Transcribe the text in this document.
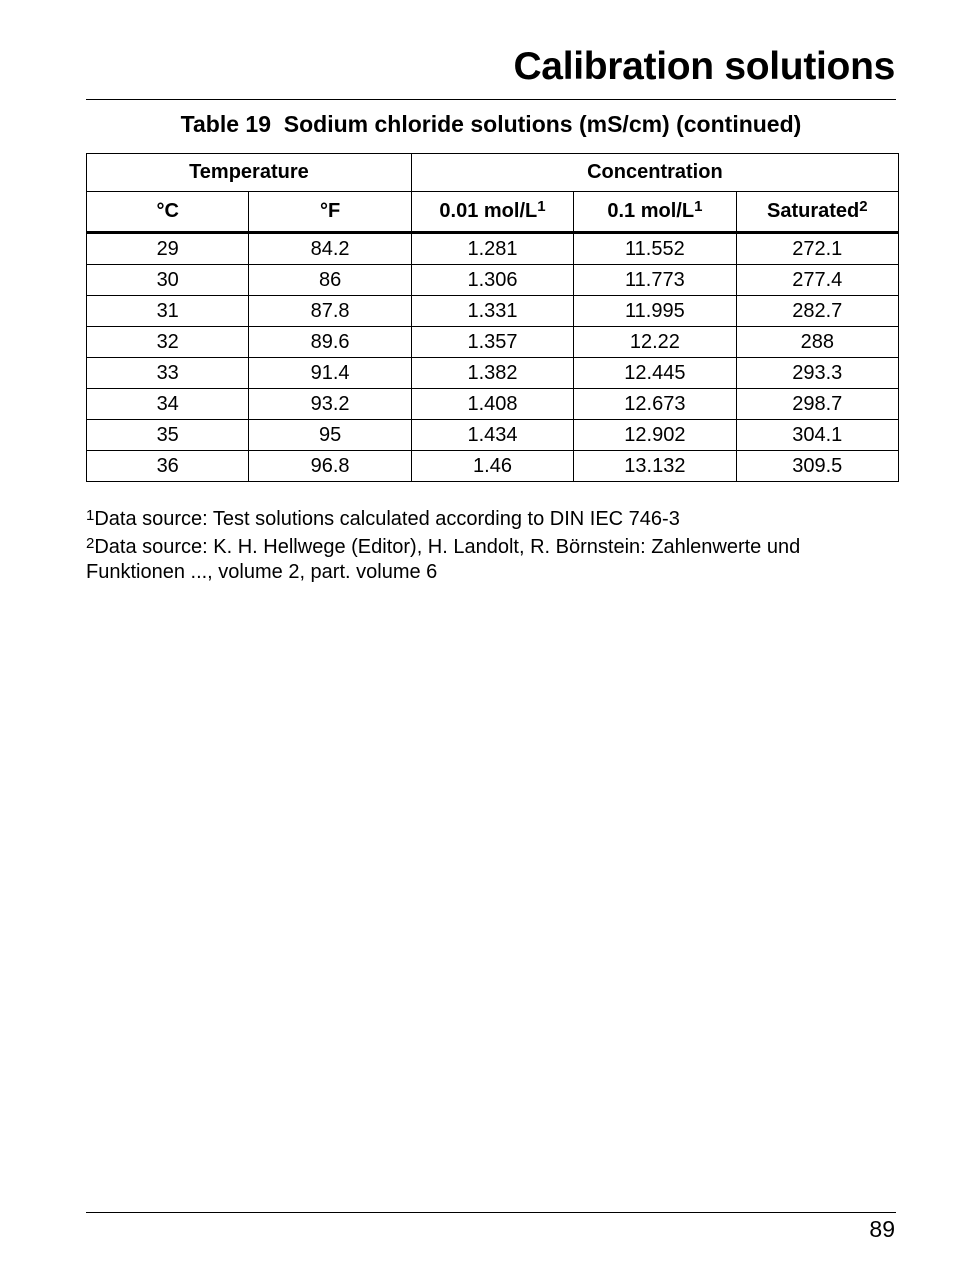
Calibration solutions
Table 19  Sodium chloride solutions (mS/cm) (continued)
Temperature		Concentration		
°C	°F	0.01 mol/L$^1$	0.1 mol/L$^1$	Saturated$^2$
29	84.2	1.281	11.552	272.1
30	86	1.306	11.773	277.4
31	87.8	1.331	11.995	282.7
32	89.6	1.357	12.22	288
33	91.4	1.382	12.445	293.3
34	93.2	1.408	12.673	298.7
35	95	1.434	12.902	304.1
36	96.8	1.46	13.132	309.5

$^1$Data source: Test solutions calculated according to DIN IEC 746-3

$^2$Data source: K. H. Hellwege (Editor), H. Landolt, R. Börnstein: Zahlenwerte und Funktionen ..., volume 2, part. volume 6

89
